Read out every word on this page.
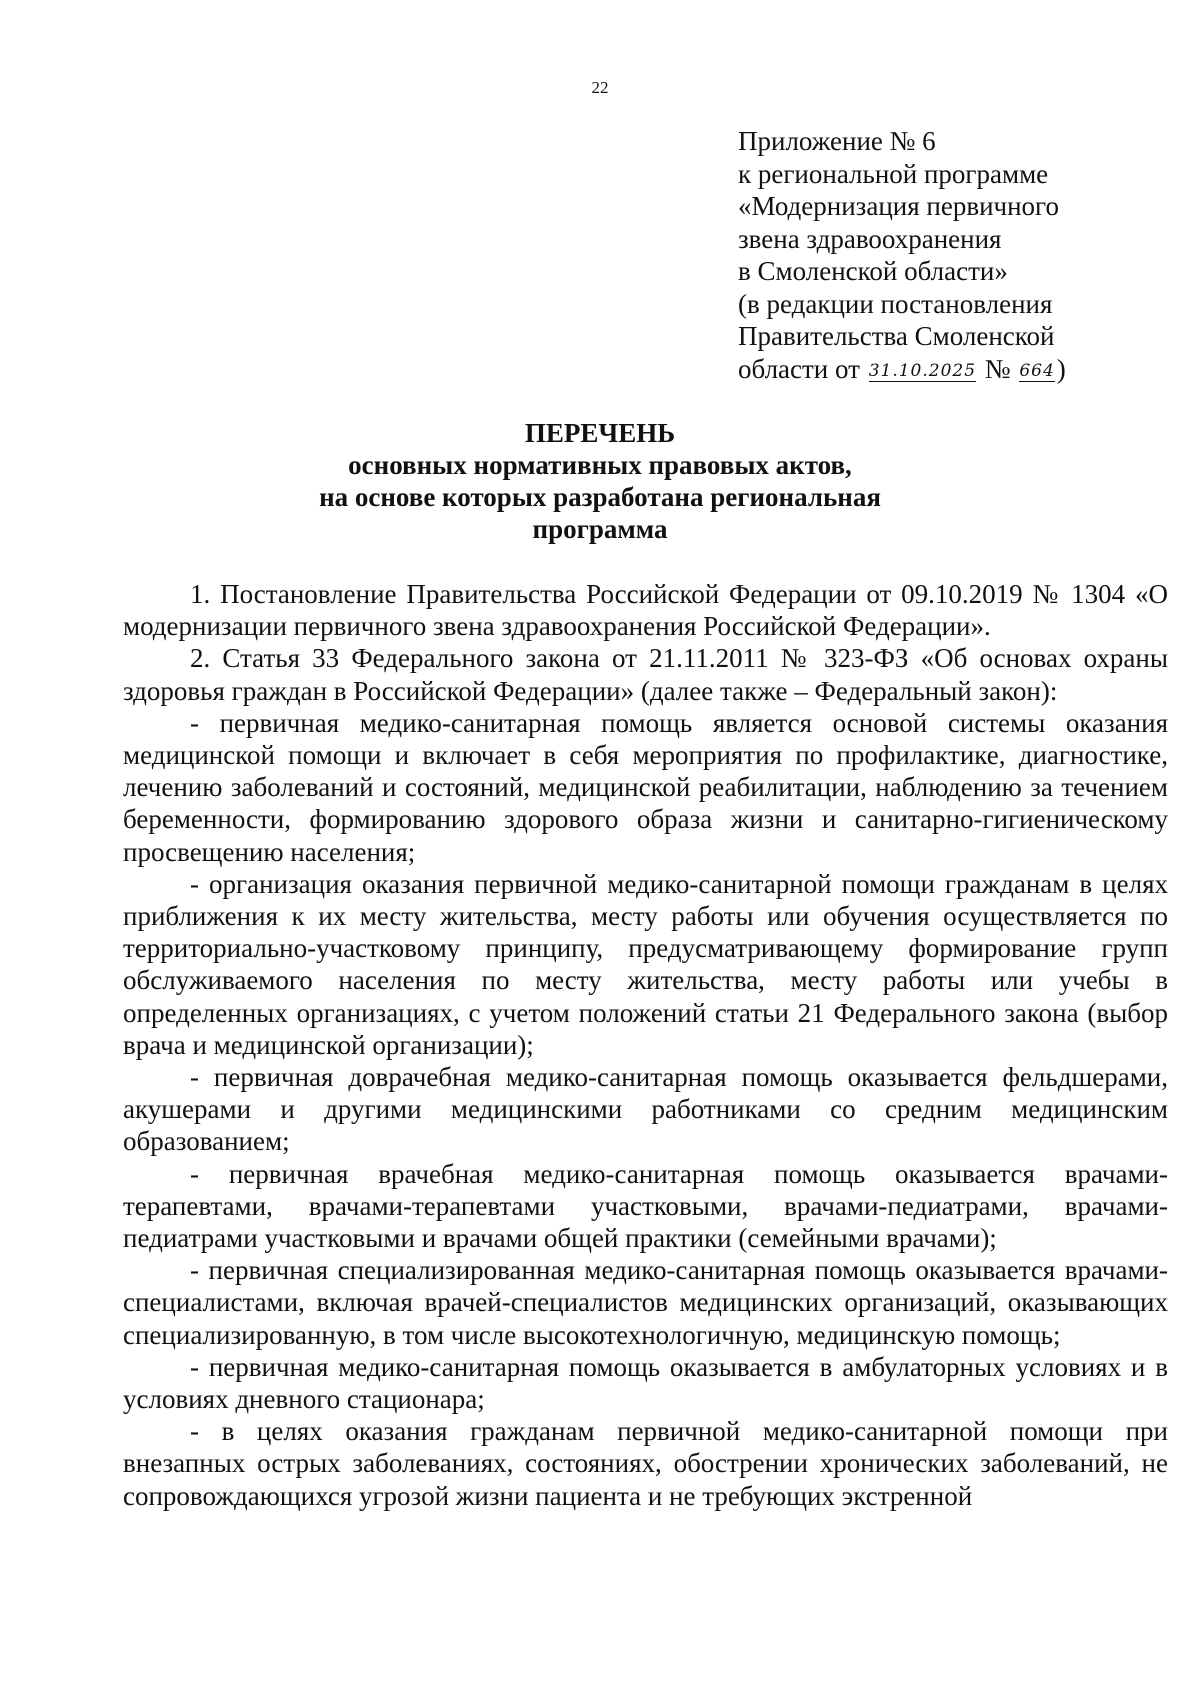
22
Приложение № 6
к региональной программе
«Модернизация первичного
звена здравоохранения
в Смоленской области»
(в редакции постановления
Правительства Смоленской
области от 31.10.2025 № 664)
ПЕРЕЧЕНЬ
основных нормативных правовых актов,
на основе которых разработана региональная
программа

1. Постановление Правительства Российской Федерации от 09.10.2019 № 1304 «О модернизации первичного звена здравоохранения Российской Федерации».

2. Статья 33 Федерального закона от 21.11.2011 № 323-ФЗ «Об основах охраны здоровья граждан в Российской Федерации» (далее также – Федеральный закон):

- первичная медико-санитарная помощь является основой системы оказания медицинской помощи и включает в себя мероприятия по профилактике, диагностике, лечению заболеваний и состояний, медицинской реабилитации, наблюдению за течением беременности, формированию здорового образа жизни и санитарно-гигиеническому просвещению населения;

- организация оказания первичной медико-санитарной помощи гражданам в целях приближения к их месту жительства, месту работы или обучения осуществляется по территориально-участковому принципу, предусматривающему формирование групп обслуживаемого населения по месту жительства, месту работы или учебы в определенных организациях, с учетом положений статьи 21 Федерального закона (выбор врача и медицинской организации);

- первичная доврачебная медико-санитарная помощь оказывается фельдшерами, акушерами и другими медицинскими работниками со средним медицинским образованием;

- первичная врачебная медико-санитарная помощь оказывается врачами-терапевтами, врачами-терапевтами участковыми, врачами-педиатрами, врачами-педиатрами участковыми и врачами общей практики (семейными врачами);

- первичная специализированная медико-санитарная помощь оказывается врачами-специалистами, включая врачей-специалистов медицинских организаций, оказывающих специализированную, в том числе высокотехнологичную, медицинскую помощь;

- первичная медико-санитарная помощь оказывается в амбулаторных условиях и в условиях дневного стационара;

- в целях оказания гражданам первичной медико-санитарной помощи при внезапных острых заболеваниях, состояниях, обострении хронических заболеваний, не сопровождающихся угрозой жизни пациента и не требующих экстренной
